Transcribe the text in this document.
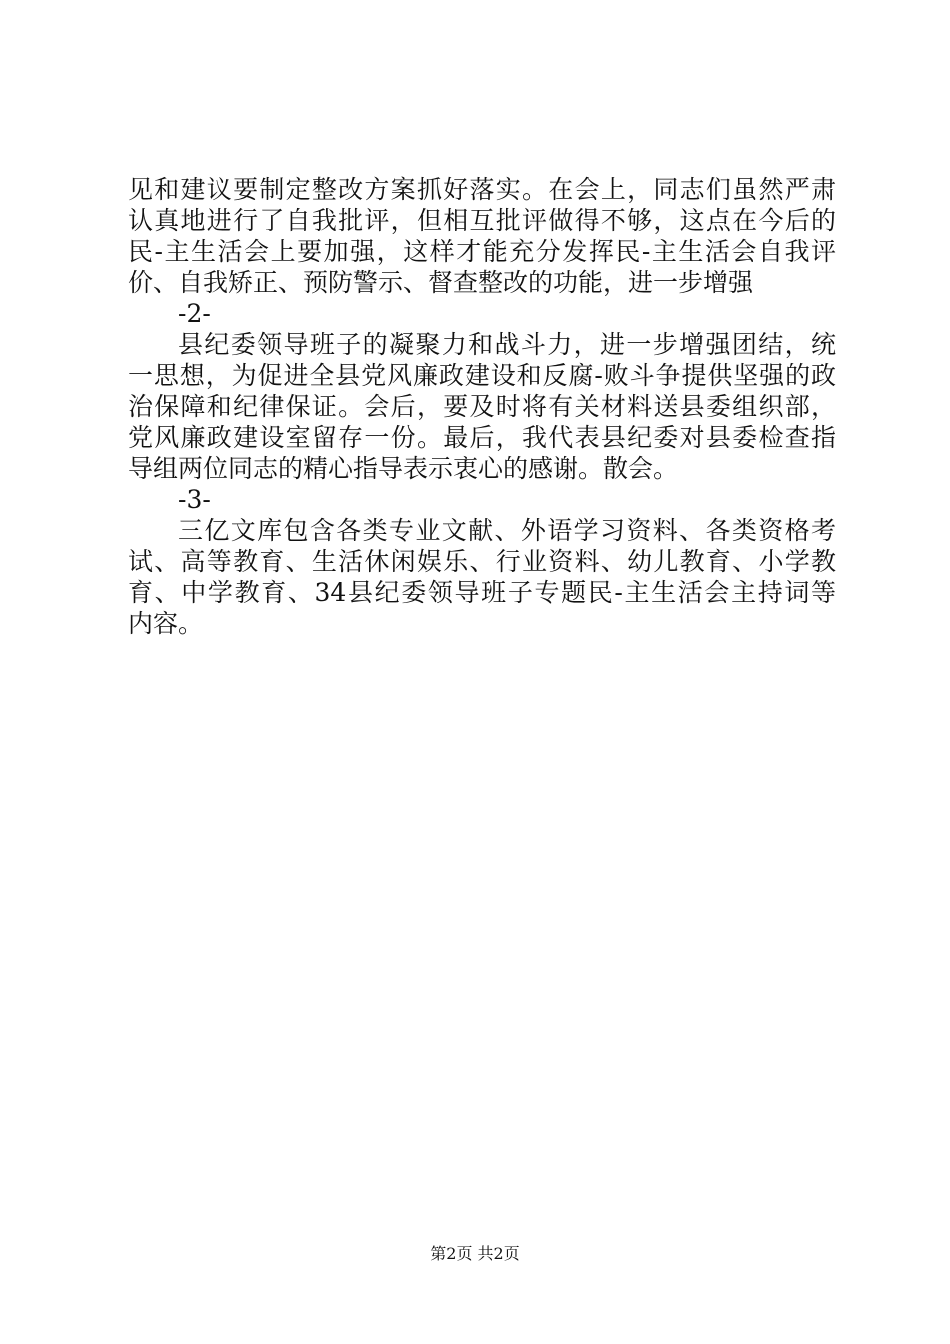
见和建议要制定整改方案抓好落实。在会上，同志们虽然严肃
认真地进行了自我批评，但相互批评做得不够，这点在今后的
民-主生活会上要加强，这样才能充分发挥民-主生活会自我评
价、自我矫正、预防警示、督查整改的功能，进一步增强
-2-
县纪委领导班子的凝聚力和战斗力，进一步增强团结，统
一思想，为促进全县党风廉政建设和反腐-败斗争提供坚强的政
治保障和纪律保证。会后，要及时将有关材料送县委组织部，
党风廉政建设室留存一份。最后，我代表县纪委对县委检查指
导组两位同志的精心指导表示衷心的感谢。散会。
-3-
三亿文库包含各类专业文献、外语学习资料、各类资格考
试、高等教育、生活休闲娱乐、行业资料、幼儿教育、小学教
育、中学教育、34县纪委领导班子专题民-主生活会主持词等
内容。
第2页 共2页
